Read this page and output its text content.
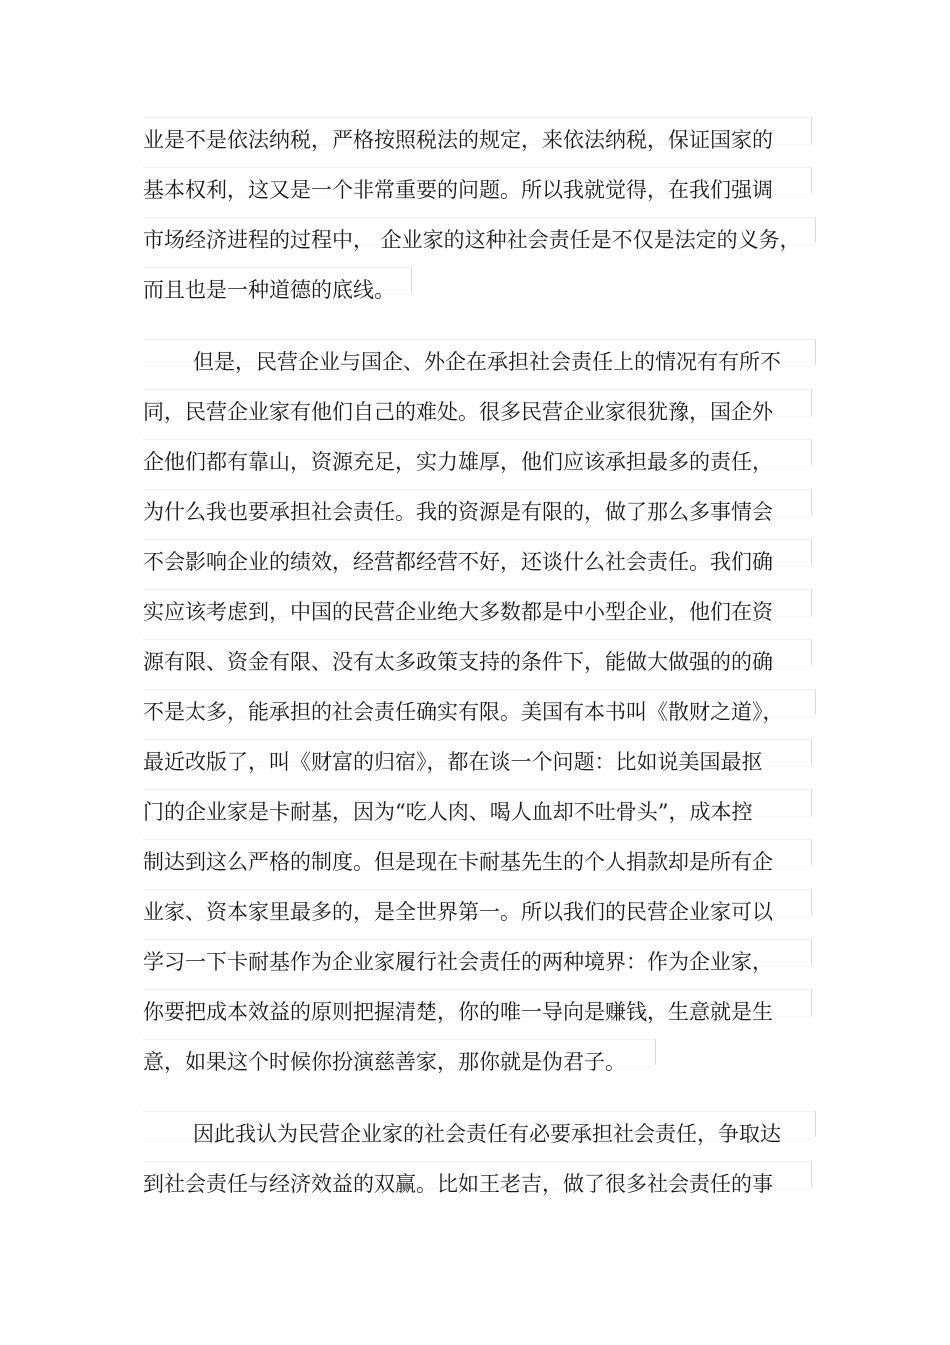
业是不是依法纳税，严格按照税法的规定，来依法纳税，保证国家的
基本权利，这又是一个非常重要的问题。所以我就觉得，在我们强调
市场经济进程的过程中， 企业家的这种社会责任是不仅是法定的义务，
而且也是一种道德的底线。
但是，民营企业与国企、外企在承担社会责任上的情况有有所不
同，民营企业家有他们自己的难处。很多民营企业家很犹豫，国企外
企他们都有靠山，资源充足，实力雄厚，他们应该承担最多的责任，
为什么我也要承担社会责任。我的资源是有限的，做了那么多事情会
不会影响企业的绩效，经营都经营不好，还谈什么社会责任。我们确
实应该考虑到，中国的民营企业绝大多数都是中小型企业，他们在资
源有限、资金有限、没有太多政策支持的条件下，能做大做强的的确
不是太多，能承担的社会责任确实有限。美国有本书叫《散财之道》，
最近改版了，叫《财富的归宿》，都在谈一个问题：比如说美国最抠
门的企业家是卡耐基，因为“吃人肉、喝人血却不吐骨头”，成本控
制达到这么严格的制度。但是现在卡耐基先生的个人捐款却是所有企
业家、资本家里最多的，是全世界第一。所以我们的民营企业家可以
学习一下卡耐基作为企业家履行社会责任的两种境界：作为企业家，
你要把成本效益的原则把握清楚，你的唯一导向是赚钱，生意就是生
意，如果这个时候你扮演慈善家，那你就是伪君子。
因此我认为民营企业家的社会责任有必要承担社会责任，争取达
到社会责任与经济效益的双赢。比如王老吉，做了很多社会责任的事
